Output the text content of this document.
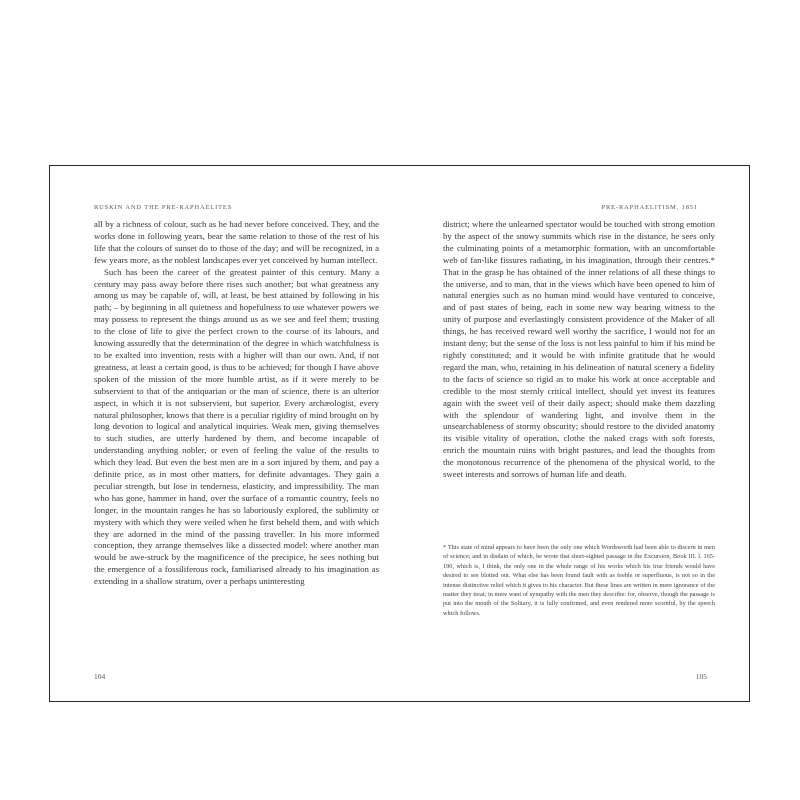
RUSKIN AND THE PRE-RAPHAELITES

all by a richness of colour, such as he had never before conceived. They, and the works done in following years, bear the same relation to those of the rest of his life that the colours of sunset do to those of the day; and will be recognized, in a few years more, as the noblest landscapes ever yet conceived by human intellect.

Such has been the career of the greatest painter of this century. Many a century may pass away before there rises such another; but what greatness any among us may be capable of, will, at least, be best attained by following in his path; – by beginning in all quietness and hopefulness to use whatever powers we may possess to represent the things around us as we see and feel them; trusting to the close of life to give the perfect crown to the course of its labours, and knowing assuredly that the determination of the degree in which watchfulness is to be exalted into invention, rests with a higher will than our own. And, if not greatness, at least a certain good, is thus to be achieved; for though I have above spoken of the mission of the more humble artist, as if it were merely to be subservient to that of the antiquarian or the man of science, there is an ulterior aspect, in which it is not subservient, but superior. Every archæologist, every natural philosopher, knows that there is a peculiar rigidity of mind brought on by long devotion to logical and analytical inquiries. Weak men, giving themselves to such studies, are utterly hardened by them, and become incapable of understanding anything nobler, or even of feeling the value of the results to which they lead. But even the best men are in a sort injured by them, and pay a definite price, as in most other matters, for definite advantages. They gain a peculiar strength, but lose in tenderness, elasticity, and impressibility. The man who has gone, hammer in hand, over the surface of a romantic country, feels no longer, in the mountain ranges he has so laboriously explored, the sublimity or mystery with which they were veiled when he first beheld them, and with which they are adorned in the mind of the passing traveller. In his more informed conception, they arrange themselves like a dissected model: where another man would be awe-struck by the magnificence of the precipice, he sees nothing but the emergence of a fossiliferous rock, familiarised already to his imagination as extending in a shallow stratum, over a perhaps uninteresting

104
PRE-RAPHAELITISM, 1851

district; where the unlearned spectator would be touched with strong emotion by the aspect of the snowy summits which rise in the distance, he sees only the culminating points of a metamorphic formation, with an uncomfortable web of fan-like fissures radiating, in his imagination, through their centres.* That in the grasp he has obtained of the inner relations of all these things to the universe, and to man, that in the views which have been opened to him of natural energies such as no human mind would have ventured to conceive, and of past states of being, each in some new way bearing witness to the unity of purpose and everlastingly consistent providence of the Maker of all things, he has received reward well worthy the sacrifice, I would not for an instant deny; but the sense of the loss is not less painful to him if his mind be rightly constituted; and it would be with infinite gratitude that he would regard the man, who, retaining in his delineation of natural scenery a fidelity to the facts of science so rigid as to make his work at once acceptable and credible to the most sternly critical intellect, should yet invest its features again with the sweet veil of their daily aspect; should make them dazzling with the splendour of wandering light, and involve them in the unsearchableness of stormy obscurity; should restore to the divided anatomy its visible vitality of operation, clothe the naked crags with soft forests, enrich the mountain ruins with bright pastures, and lead the thoughts from the monotonous recurrence of the phenomena of the physical world, to the sweet interests and sorrows of human life and death.

* This state of mind appears to have been the only one which Wordsworth had been able to discern in men of science; and in disdain of which, he wrote that short-sighted passage in the Excursion, Book III. l. 165-190, which is, I think, the only one in the whole range of his works which his true friends would have desired to see blotted out. What else has been found fault with as feeble or superfluous, is not so in the intense distinctive relief which it gives to his character. But these lines are written in mere ignorance of the matter they treat; in mere want of sympathy with the men they describe: for, observe, though the passage is put into the mouth of the Solitary, it is fully confirmed, and even rendered more scornful, by the speech which follows.

105
